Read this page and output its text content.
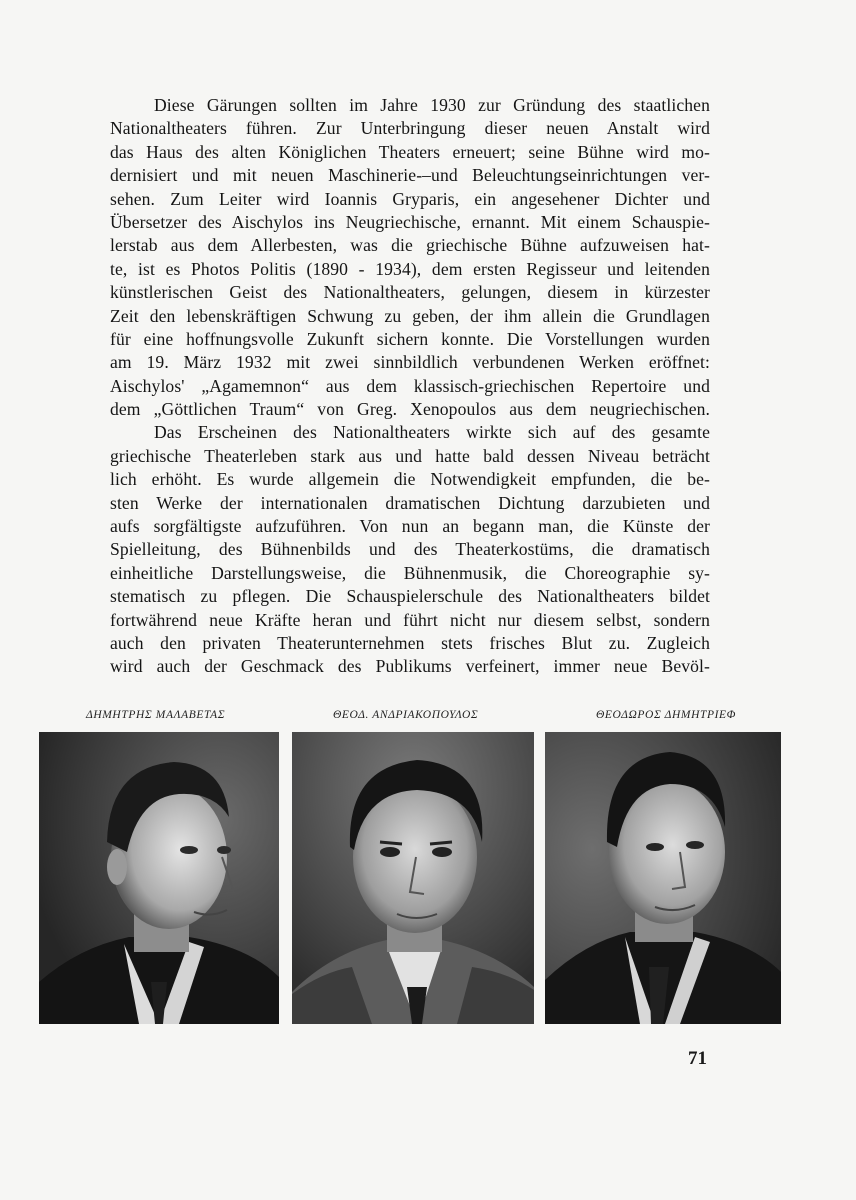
Diese Gärungen sollten im Jahre 1930 zur Gründung des staatlichen
Nationaltheaters führen. Zur Unterbringung dieser neuen Anstalt wird
das Haus des alten Königlichen Theaters erneuert; seine Bühne wird mo-
dernisiert und mit neuen Maschinerie-–und Beleuchtungseinrichtungen ver-
sehen. Zum Leiter wird Ioannis Gryparis, ein angesehener Dichter und
Übersetzer des Aischylos ins Neugriechische, ernannt. Mit einem Schauspie-
lerstab aus dem Allerbesten, was die griechische Bühne aufzuweisen hat-
te, ist es Photos Politis (1890 - 1934), dem ersten Regisseur und leitenden
künstlerischen Geist des Nationaltheaters, gelungen, diesem in kürzester
Zeit den lebenskräftigen Schwung zu geben, der ihm allein die Grundlagen
für eine hoffnungsvolle Zukunft sichern konnte. Die Vorstellungen wurden
am 19. März 1932 mit zwei sinnbildlich verbundenen Werken eröffnet:
Aischylos' „Agamemnon“ aus dem klassisch-griechischen Repertoire und
dem „Göttlichen Traum“ von Greg. Xenopoulos aus dem neugriechischen.
Das Erscheinen des Nationaltheaters wirkte sich auf des gesamte
griechische Theaterleben stark aus und hatte bald dessen Niveau beträcht
lich erhöht. Es wurde allgemein die Notwendigkeit empfunden, die be-
sten Werke der internationalen dramatischen Dichtung darzubieten und
aufs sorgfältigste aufzuführen. Von nun an begann man, die Künste der
Spielleitung, des Bühnenbilds und des Theaterkostüms, die dramatisch
einheitliche Darstellungsweise, die Bühnenmusik, die Choreographie sy-
stematisch zu pflegen. Die Schauspielerschule des Nationaltheaters bildet
fortwährend neue Kräfte heran und führt nicht nur diesem selbst, sondern
auch den privaten Theaterunternehmen stets frisches Blut zu. Zugleich
wird auch der Geschmack des Publikums verfeinert, immer neue Bevöl-
ΔΗΜΗΤΡΗΣ ΜΑΛΑΒΕΤΑΣ	ΘΕΟΔ. ΑΝΔΡΙΑΚΟΠΟΥΛΟΣ	ΘΕΟΔΩΡΟΣ ΔΗΜΗΤΡΙΕΦ
71
